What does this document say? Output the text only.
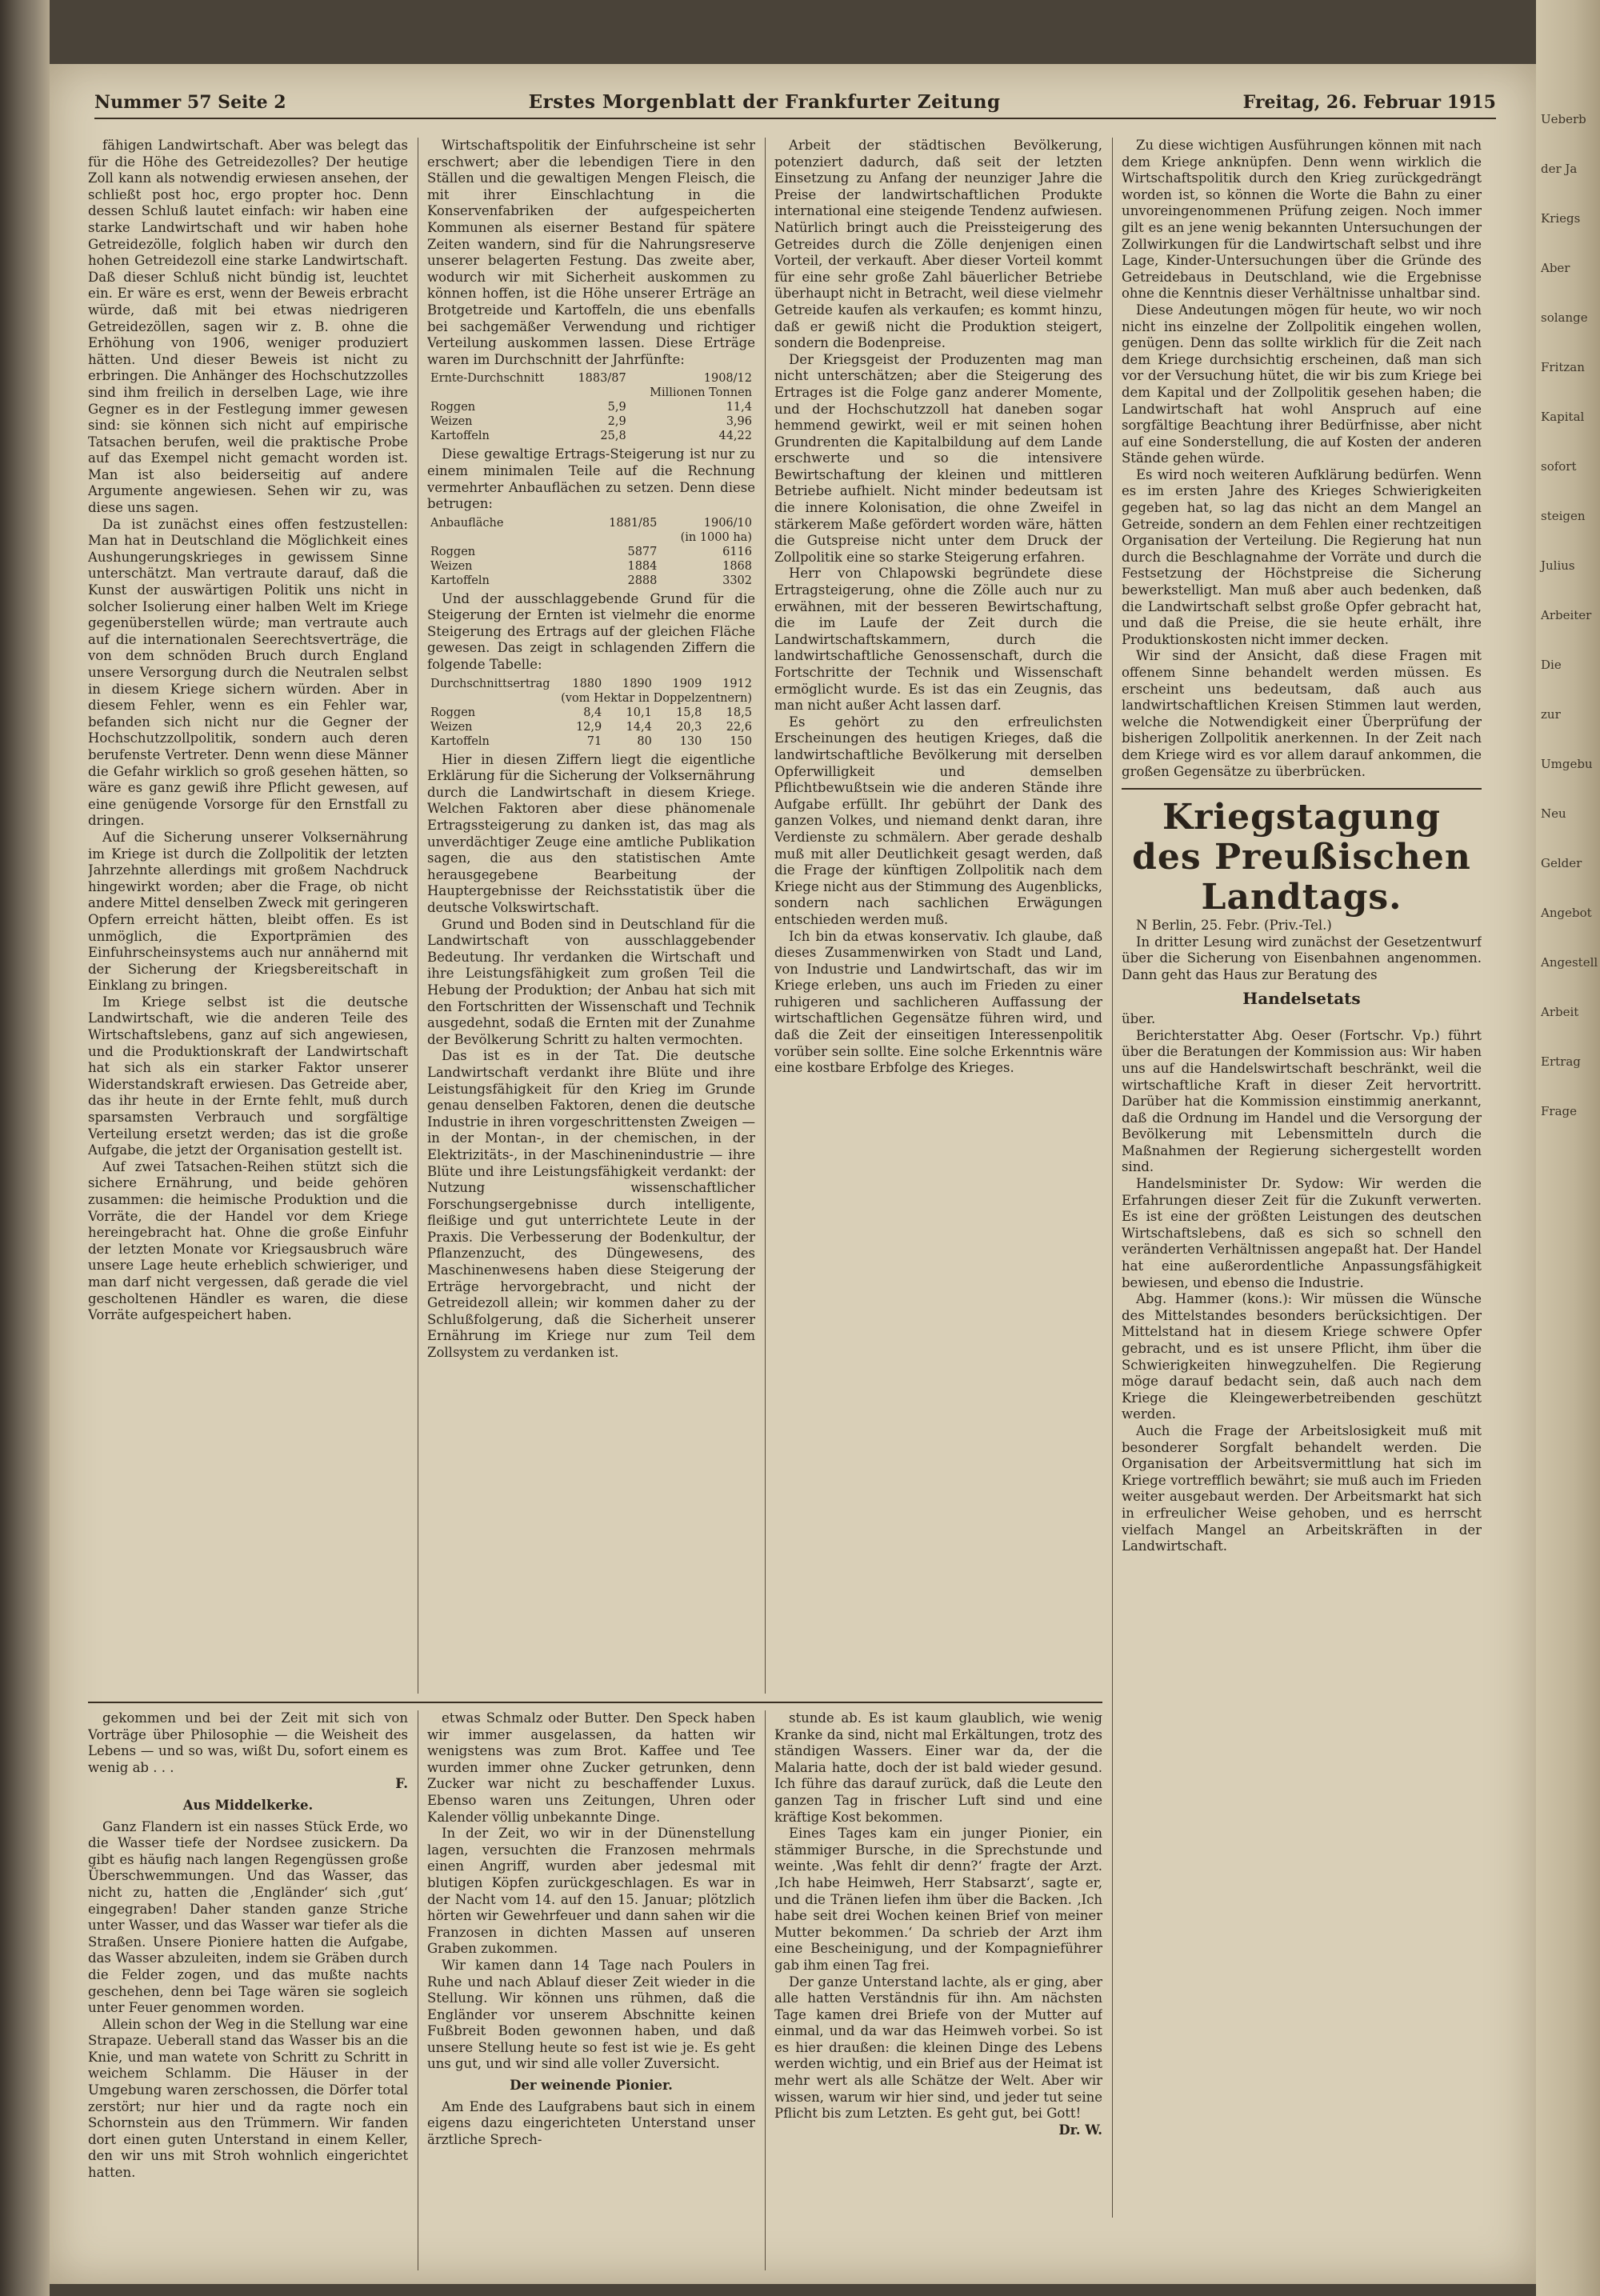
Nummer 57 Seite 2	Erstes Morgenblatt der Frankfurter Zeitung	Freitag, 26. Februar 1915

fähigen Landwirtschaft. Aber was belegt das für die Höhe des Getreidezolles? Der heutige Zoll kann als notwendig erwiesen ansehen, der schließt post hoc, ergo propter hoc. Denn dessen Schluß lautet einfach: wir haben eine starke Landwirtschaft und wir haben hohe Getreidezölle, folglich haben wir durch den hohen Getreidezoll eine starke Landwirtschaft. Daß dieser Schluß nicht bündig ist, leuchtet ein. Er wäre es erst, wenn der Beweis erbracht würde, daß mit bei etwas niedrigeren Getreidezöllen, sagen wir z. B. ohne die Erhöhung von 1906, weniger produziert hätten. Und dieser Beweis ist nicht zu erbringen. Die Anhänger des Hochschutzzolles sind ihm freilich in derselben Lage, wie ihre Gegner es in der Festlegung immer gewesen sind: sie können sich nicht auf empirische Tatsachen berufen, weil die praktische Probe auf das Exempel nicht gemacht worden ist. Man ist also beiderseitig auf andere Argumente angewiesen. Sehen wir zu, was diese uns sagen.

Da ist zunächst eines offen festzustellen: Man hat in Deutschland die Möglichkeit eines Aushungerungskrieges in gewissem Sinne unterschätzt. Man vertraute darauf, daß die Kunst der auswärtigen Politik uns nicht in solcher Isolierung einer halben Welt im Kriege gegenüberstellen würde; man vertraute auch auf die internationalen Seerechtsverträge, die von dem schnöden Bruch durch England unsere Versorgung durch die Neutralen selbst in diesem Kriege sichern würden. Aber in diesem Fehler, wenn es ein Fehler war, befanden sich nicht nur die Gegner der Hochschutzzollpolitik, sondern auch deren berufenste Vertreter. Denn wenn diese Männer die Gefahr wirklich so groß gesehen hätten, so wäre es ganz gewiß ihre Pflicht gewesen, auf eine genügende Vorsorge für den Ernstfall zu dringen.

Auf die Sicherung unserer Volksernährung im Kriege ist durch die Zollpolitik der letzten Jahrzehnte allerdings mit großem Nachdruck hingewirkt worden; aber die Frage, ob nicht andere Mittel denselben Zweck mit geringeren Opfern erreicht hätten, bleibt offen. Es ist unmöglich, die Exportprämien des Einfuhrscheinsystems auch nur annähernd mit der Sicherung der Kriegsbereitschaft in Einklang zu bringen.

Im Kriege selbst ist die deutsche Landwirtschaft, wie die anderen Teile des Wirtschaftslebens, ganz auf sich angewiesen, und die Produktionskraft der Landwirtschaft hat sich als ein starker Faktor unserer Widerstandskraft erwiesen. Das Getreide aber, das ihr heute in der Ernte fehlt, muß durch sparsamsten Verbrauch und sorgfältige Verteilung ersetzt werden; das ist die große Aufgabe, die jetzt der Organisation gestellt ist.

Auf zwei Tatsachen-Reihen stützt sich die sichere Ernährung, und beide gehören zusammen: die heimische Produktion und die Vorräte, die der Handel vor dem Kriege hereingebracht hat. Ohne die große Einfuhr der letzten Monate vor Kriegsausbruch wäre unsere Lage heute erheblich schwieriger, und man darf nicht vergessen, daß gerade die viel gescholtenen Händler es waren, die diese Vorräte aufgespeichert haben.

Wirtschaftspolitik der Einfuhrscheine ist sehr erschwert; aber die lebendigen Tiere in den Ställen und die gewaltigen Mengen Fleisch, die mit ihrer Einschlachtung in die Konservenfabriken der aufgespeicherten Kommunen als eiserner Bestand für spätere Zeiten wandern, sind für die Nahrungsreserve unserer belagerten Festung. Das zweite aber, wodurch wir mit Sicherheit auskommen zu können hoffen, ist die Höhe unserer Erträge an Brotgetreide und Kartoffeln, die uns ebenfalls bei sachgemäßer Verwendung und richtiger Verteilung auskommen lassen. Diese Erträge waren im Durchschnitt der Jahrfünfte:

Ernte-Durchschnitt	1883/87	1908/12
		Millionen Tonnen
Roggen	5,9	11,4
Weizen	2,9	3,96
Kartoffeln	25,8	44,22

Diese gewaltige Ertrags-Steigerung ist nur zu einem minimalen Teile auf die Rechnung vermehrter Anbauflächen zu setzen. Denn diese betrugen:

Anbaufläche	1881/85	1906/10
	(in 1000 ha)	
Roggen	5877	6116
Weizen	1884	1868
Kartoffeln	2888	3302

Und der ausschlaggebende Grund für die Steigerung der Ernten ist vielmehr die enorme Steigerung des Ertrags auf der gleichen Fläche gewesen. Das zeigt in schlagenden Ziffern die folgende Tabelle:

Durchschnittsertrag	1880	1890	1909	1912
	(vom Hektar in Doppelzentnern)			
Roggen	8,4	10,1	15,8	18,5
Weizen	12,9	14,4	20,3	22,6
Kartoffeln	71	80	130	150

Hier in diesen Ziffern liegt die eigentliche Erklärung für die Sicherung der Volksernährung durch die Landwirtschaft in diesem Kriege. Welchen Faktoren aber diese phänomenale Ertragssteigerung zu danken ist, das mag als unverdächtiger Zeuge eine amtliche Publikation sagen, die aus den statistischen Amte herausgegebene Bearbeitung der Hauptergebnisse der Reichsstatistik über die deutsche Volkswirtschaft.

Grund und Boden sind in Deutschland für die Landwirtschaft von ausschlaggebender Bedeutung. Ihr verdanken die Wirtschaft und ihre Leistungsfähigkeit zum großen Teil die Hebung der Produktion; der Anbau hat sich mit den Fortschritten der Wissenschaft und Technik ausgedehnt, sodaß die Ernten mit der Zunahme der Bevölkerung Schritt zu halten vermochten.

Das ist es in der Tat. Die deutsche Landwirtschaft verdankt ihre Blüte und ihre Leistungsfähigkeit für den Krieg im Grunde genau denselben Faktoren, denen die deutsche Industrie in ihren vorgeschrittensten Zweigen — in der Montan-, in der chemischen, in der Elektrizitäts-, in der Maschinenindustrie — ihre Blüte und ihre Leistungsfähigkeit verdankt: der Nutzung wissenschaftlicher Forschungsergebnisse durch intelligente, fleißige und gut unterrichtete Leute in der Praxis. Die Verbesserung der Bodenkultur, der Pflanzenzucht, des Düngewesens, des Maschinenwesens haben diese Steigerung der Erträge hervorgebracht, und nicht der Getreidezoll allein; wir kommen daher zu der Schlußfolgerung, daß die Sicherheit unserer Ernährung im Kriege nur zum Teil dem Zollsystem zu verdanken ist.

Arbeit der städtischen Bevölkerung, potenziert dadurch, daß seit der letzten Einsetzung zu Anfang der neunziger Jahre die Preise der landwirtschaftlichen Produkte international eine steigende Tendenz aufwiesen. Natürlich bringt auch die Preissteigerung des Getreides durch die Zölle denjenigen einen Vorteil, der verkauft. Aber dieser Vorteil kommt für eine sehr große Zahl bäuerlicher Betriebe überhaupt nicht in Betracht, weil diese vielmehr Getreide kaufen als verkaufen; es kommt hinzu, daß er gewiß nicht die Produktion steigert, sondern die Bodenpreise.

Der Kriegsgeist der Produzenten mag man nicht unterschätzen; aber die Steigerung des Ertrages ist die Folge ganz anderer Momente, und der Hochschutzzoll hat daneben sogar hemmend gewirkt, weil er mit seinen hohen Grundrenten die Kapitalbildung auf dem Lande erschwerte und so die intensivere Bewirtschaftung der kleinen und mittleren Betriebe aufhielt. Nicht minder bedeutsam ist die innere Kolonisation, die ohne Zweifel in stärkerem Maße gefördert worden wäre, hätten die Gutspreise nicht unter dem Druck der Zollpolitik eine so starke Steigerung erfahren.

Herr von Chlapowski begründete diese Ertragsteigerung, ohne die Zölle auch nur zu erwähnen, mit der besseren Bewirtschaftung, die im Laufe der Zeit durch die Landwirtschaftskammern, durch die landwirtschaftliche Genossenschaft, durch die Fortschritte der Technik und Wissenschaft ermöglicht wurde. Es ist das ein Zeugnis, das man nicht außer Acht lassen darf.

Es gehört zu den erfreulichsten Erscheinungen des heutigen Krieges, daß die landwirtschaftliche Bevölkerung mit derselben Opferwilligkeit und demselben Pflichtbewußtsein wie die anderen Stände ihre Aufgabe erfüllt. Ihr gebührt der Dank des ganzen Volkes, und niemand denkt daran, ihre Verdienste zu schmälern. Aber gerade deshalb muß mit aller Deutlichkeit gesagt werden, daß die Frage der künftigen Zollpolitik nach dem Kriege nicht aus der Stimmung des Augenblicks, sondern nach sachlichen Erwägungen entschieden werden muß.

Ich bin da etwas konservativ. Ich glaube, daß dieses Zusammenwirken von Stadt und Land, von Industrie und Landwirtschaft, das wir im Kriege erleben, uns auch im Frieden zu einer ruhigeren und sachlicheren Auffassung der wirtschaftlichen Gegensätze führen wird, und daß die Zeit der einseitigen Interessenpolitik vorüber sein sollte. Eine solche Erkenntnis wäre eine kostbare Erbfolge des Krieges.

Zu diese wichtigen Ausführungen können mit nach dem Kriege anknüpfen. Denn wenn wirklich die Wirtschaftspolitik durch den Krieg zurückgedrängt worden ist, so können die Worte die Bahn zu einer unvoreingenommenen Prüfung zeigen. Noch immer gilt es an jene wenig bekannten Untersuchungen der Zollwirkungen für die Landwirtschaft selbst und ihre Lage, Kinder-Untersuchungen über die Gründe des Getreidebaus in Deutschland, wie die Ergebnisse ohne die Kenntnis dieser Verhältnisse unhaltbar sind.

Diese Andeutungen mögen für heute, wo wir noch nicht ins einzelne der Zollpolitik eingehen wollen, genügen. Denn das sollte wirklich für die Zeit nach dem Kriege durchsichtig erscheinen, daß man sich vor der Versuchung hütet, die wir bis zum Kriege bei dem Kapital und der Zollpolitik gesehen haben; die Landwirtschaft hat wohl Anspruch auf eine sorgfältige Beachtung ihrer Bedürfnisse, aber nicht auf eine Sonderstellung, die auf Kosten der anderen Stände gehen würde.

Es wird noch weiteren Aufklärung bedürfen. Wenn es im ersten Jahre des Krieges Schwierigkeiten gegeben hat, so lag das nicht an dem Mangel an Getreide, sondern an dem Fehlen einer rechtzeitigen Organisation der Verteilung. Die Regierung hat nun durch die Beschlagnahme der Vorräte und durch die Festsetzung der Höchstpreise die Sicherung bewerkstelligt. Man muß aber auch bedenken, daß die Landwirtschaft selbst große Opfer gebracht hat, und daß die Preise, die sie heute erhält, ihre Produktionskosten nicht immer decken.

Wir sind der Ansicht, daß diese Fragen mit offenem Sinne behandelt werden müssen. Es erscheint uns bedeutsam, daß auch aus landwirtschaftlichen Kreisen Stimmen laut werden, welche die Notwendigkeit einer Überprüfung der bisherigen Zollpolitik anerkennen. In der Zeit nach dem Kriege wird es vor allem darauf ankommen, die großen Gegensätze zu überbrücken.

Kriegstagung des Preußischen Landtags.

N Berlin, 25. Febr. (Priv.-Tel.)

In dritter Lesung wird zunächst der Gesetzentwurf über die Sicherung von Eisenbahnen angenommen. Dann geht das Haus zur Beratung des

Handelsetats

über.

Berichterstatter Abg. Oeser (Fortschr. Vp.) führt über die Beratungen der Kommission aus: Wir haben uns auf die Handelswirtschaft beschränkt, weil die wirtschaftliche Kraft in dieser Zeit hervortritt. Darüber hat die Kommission einstimmig anerkannt, daß die Ordnung im Handel und die Versorgung der Bevölkerung mit Lebensmitteln durch die Maßnahmen der Regierung sichergestellt worden sind.

Handelsminister Dr. Sydow: Wir werden die Erfahrungen dieser Zeit für die Zukunft verwerten. Es ist eine der größten Leistungen des deutschen Wirtschaftslebens, daß es sich so schnell den veränderten Verhältnissen angepaßt hat. Der Handel hat eine außerordentliche Anpassungsfähigkeit bewiesen, und ebenso die Industrie.

Abg. Hammer (kons.): Wir müssen die Wünsche des Mittelstandes besonders berücksichtigen. Der Mittelstand hat in diesem Kriege schwere Opfer gebracht, und es ist unsere Pflicht, ihm über die Schwierigkeiten hinwegzuhelfen. Die Regierung möge darauf bedacht sein, daß auch nach dem Kriege die Kleingewerbetreibenden geschützt werden.

Auch die Frage der Arbeitslosigkeit muß mit besonderer Sorgfalt behandelt werden. Die Organisation der Arbeitsvermittlung hat sich im Kriege vortrefflich bewährt; sie muß auch im Frieden weiter ausgebaut werden. Der Arbeitsmarkt hat sich in erfreulicher Weise gehoben, und es herrscht vielfach Mangel an Arbeitskräften in der Landwirtschaft.

gekommen und bei der Zeit mit sich von Vorträge über Philosophie — die Weisheit des Lebens — und so was, wißt Du, sofort einem es wenig ab . . .

F.

Aus Middelkerke.

Ganz Flandern ist ein nasses Stück Erde, wo die Wasser tiefe der Nordsee zusickern. Da gibt es häufig nach langen Regengüssen große Überschwemmungen. Und das Wasser, das nicht zu, hatten die ‚Engländer‘ sich ‚gut‘ eingegraben! Daher standen ganze Striche unter Wasser, und das Wasser war tiefer als die Straßen. Unsere Pioniere hatten die Aufgabe, das Wasser abzuleiten, indem sie Gräben durch die Felder zogen, und das mußte nachts geschehen, denn bei Tage wären sie sogleich unter Feuer genommen worden.

Allein schon der Weg in die Stellung war eine Strapaze. Ueberall stand das Wasser bis an die Knie, und man watete von Schritt zu Schritt in weichem Schlamm. Die Häuser in der Umgebung waren zerschossen, die Dörfer total zerstört; nur hier und da ragte noch ein Schornstein aus den Trümmern. Wir fanden dort einen guten Unterstand in einem Keller, den wir uns mit Stroh wohnlich eingerichtet hatten.

etwas Schmalz oder Butter. Den Speck haben wir immer ausgelassen, da hatten wir wenigstens was zum Brot. Kaffee und Tee wurden immer ohne Zucker getrunken, denn Zucker war nicht zu beschaffender Luxus. Ebenso waren uns Zeitungen, Uhren oder Kalender völlig unbekannte Dinge.

In der Zeit, wo wir in der Dünenstellung lagen, versuchten die Franzosen mehrmals einen Angriff, wurden aber jedesmal mit blutigen Köpfen zurückgeschlagen. Es war in der Nacht vom 14. auf den 15. Januar; plötzlich hörten wir Gewehrfeuer und dann sahen wir die Franzosen in dichten Massen auf unseren Graben zukommen.

Wir kamen dann 14 Tage nach Poulers in Ruhe und nach Ablauf dieser Zeit wieder in die Stellung. Wir können uns rühmen, daß die Engländer vor unserem Abschnitte keinen Fußbreit Boden gewonnen haben, und daß unsere Stellung heute so fest ist wie je. Es geht uns gut, und wir sind alle voller Zuversicht.

Der weinende Pionier.

Am Ende des Laufgrabens baut sich in einem eigens dazu eingerichteten Unterstand unser ärztliche Sprech-

stunde ab. Es ist kaum glaublich, wie wenig Kranke da sind, nicht mal Erkältungen, trotz des ständigen Wassers. Einer war da, der die Malaria hatte, doch der ist bald wieder gesund. Ich führe das darauf zurück, daß die Leute den ganzen Tag in frischer Luft sind und eine kräftige Kost bekommen.

Eines Tages kam ein junger Pionier, ein stämmiger Bursche, in die Sprechstunde und weinte. ‚Was fehlt dir denn?‘ fragte der Arzt. ‚Ich habe Heimweh, Herr Stabsarzt‘, sagte er, und die Tränen liefen ihm über die Backen. ‚Ich habe seit drei Wochen keinen Brief von meiner Mutter bekommen.‘ Da schrieb der Arzt ihm eine Bescheinigung, und der Kompagnieführer gab ihm einen Tag frei.

Der ganze Unterstand lachte, als er ging, aber alle hatten Verständnis für ihn. Am nächsten Tage kamen drei Briefe von der Mutter auf einmal, und da war das Heimweh vorbei. So ist es hier draußen: die kleinen Dinge des Lebens werden wichtig, und ein Brief aus der Heimat ist mehr wert als alle Schätze der Welt. Aber wir wissen, warum wir hier sind, und jeder tut seine Pflicht bis zum Letzten. Es geht gut, bei Gott!

Dr. W.

Ueberb
der Ja
Kriegs
Aber
solange
Fritzan
Kapital
sofort
steigen
Julius
Arbeiter
Die
zur
Umgebu
Neu
Gelder
Angebot
Angestell
Arbeit
Ertrag
Frage
